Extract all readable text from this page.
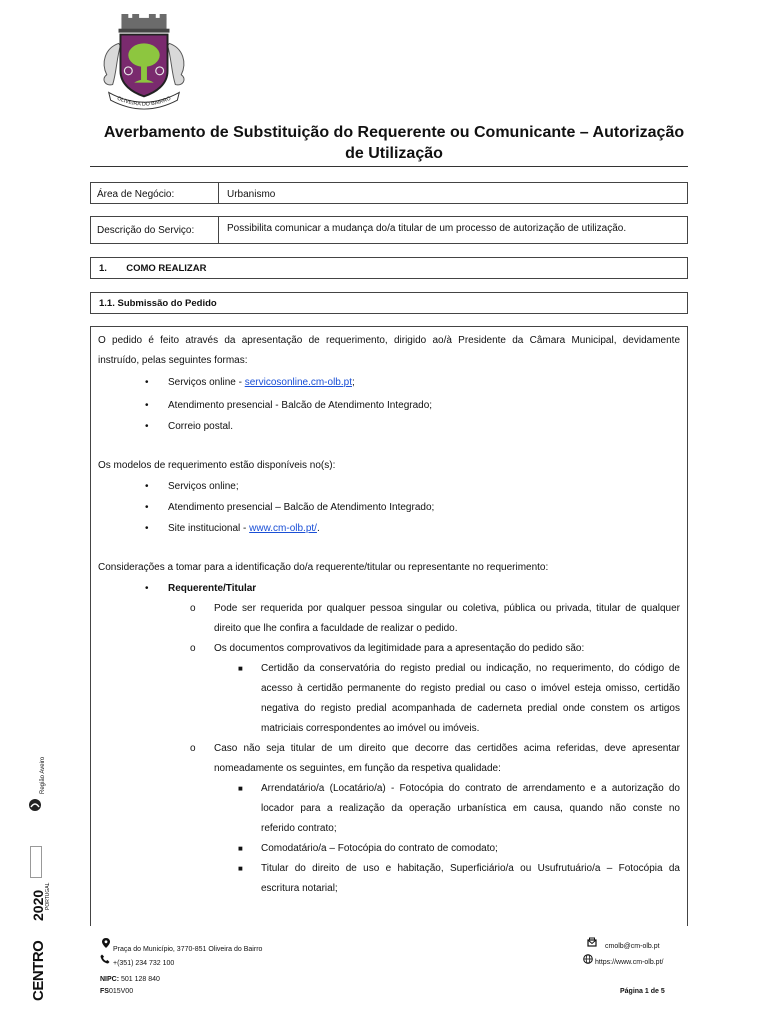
OLIVEIRA DO BAIRRO
Averbamento de Substituição do Requerente ou Comunicante – Autorização
de Utilização
Área de Negócio:	Urbanismo
Descrição do Serviço:	Possibilita comunicar a mudança do/a titular de um processo de autorização de utilização.
1. COMO REALIZAR
1.1. Submissão do Pedido
O pedido é feito através da apresentação de requerimento, dirigido ao/à Presidente da Câmara Municipal, devidamente
instruído, pelas seguintes formas:
• Serviços online - servicosonline.cm-olb.pt;
• Atendimento presencial - Balcão de Atendimento Integrado;
• Correio postal.
Os modelos de requerimento estão disponíveis no(s):
• Serviços online;
• Atendimento presencial – Balcão de Atendimento Integrado;
• Site institucional - www.cm-olb.pt/.
Considerações a tomar para a identificação do/a requerente/titular ou representante no requerimento:
• Requerente/Titular
o Pode ser requerida por qualquer pessoa singular ou coletiva, pública ou privada, titular de qualquer
direito que lhe confira a faculdade de realizar o pedido.
o Os documentos comprovativos da legitimidade para a apresentação do pedido são:
■ Certidão da conservatória do registo predial ou indicação, no requerimento, do código de
acesso à certidão permanente do registo predial ou caso o imóvel esteja omisso, certidão
negativa do registo predial acompanhada de caderneta predial onde constem os artigos
matriciais correspondentes ao imóvel ou imóveis.
o Caso não seja titular de um direito que decorre das certidões acima referidas, deve apresentar
nomeadamente os seguintes, em função da respetiva qualidade:
■ Arrendatário/a (Locatário/a) - Fotocópia do contrato de arrendamento e a autorização do
locador para a realização da operação urbanística em causa, quando não conste no
referido contrato;
■ Comodatário/a – Fotocópia do contrato de comodato;
■ Titular do direito de uso e habitação, Superficiário/a ou Usufrutuário/a – Fotocópia da
escritura notarial;
Praça do Município, 3770-851 Oliveira do Bairro
+(351) 234 732 100
NIPC: 501 128 840
FS015V00
cmolb@cm-olb.pt
https://www.cm-olb.pt/
Página 1 de 5
Região Aveiro
2020 PORTUGAL
CENTRO
